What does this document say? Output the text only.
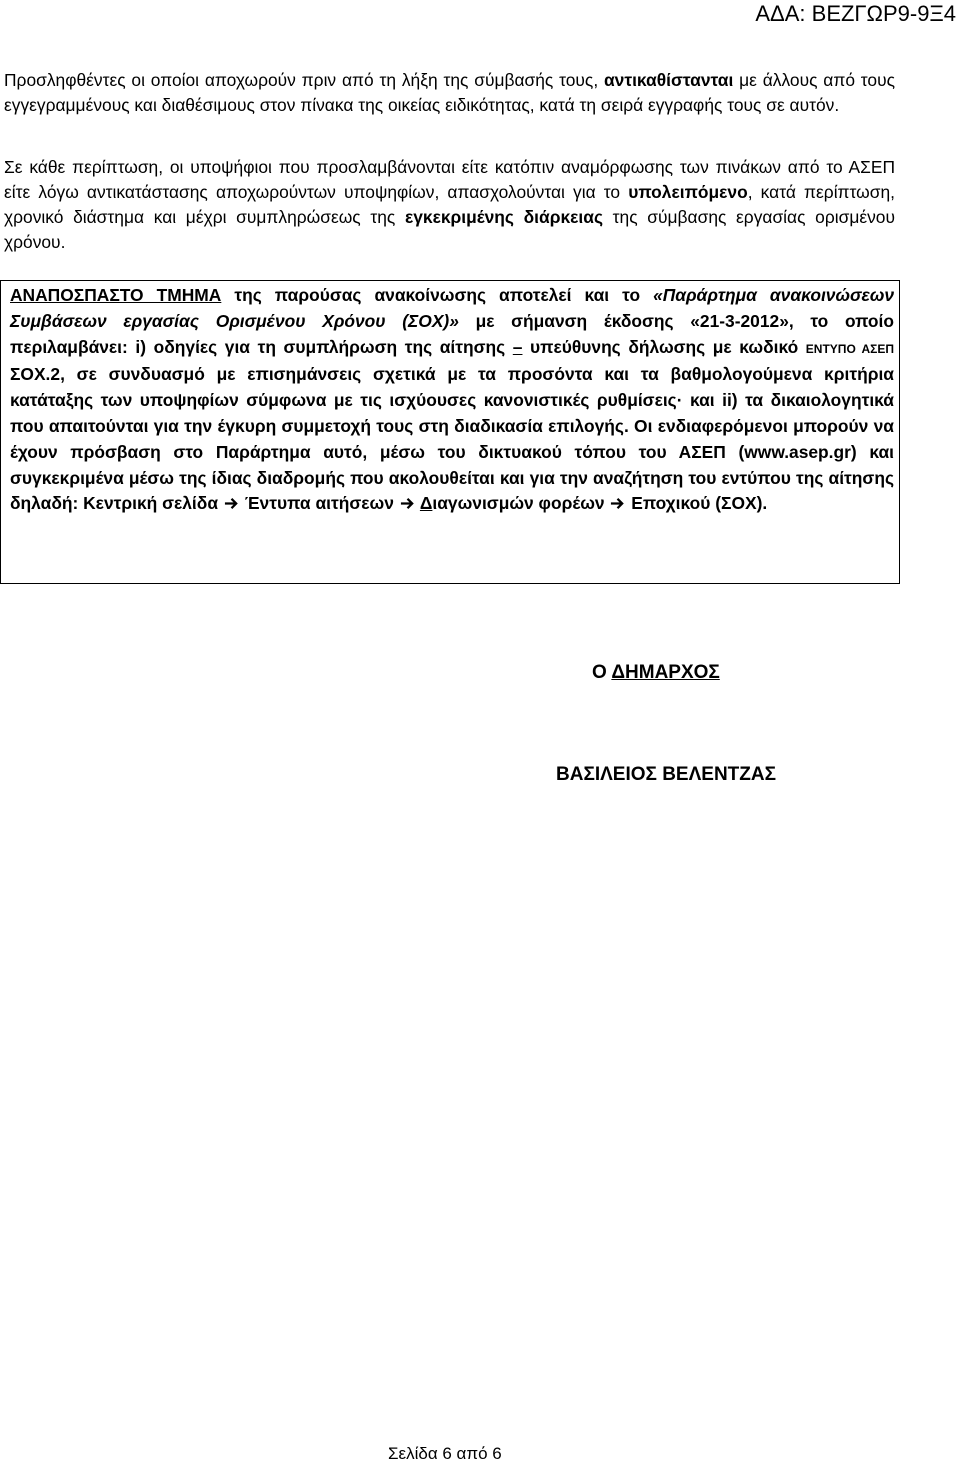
ΑΔΑ: ΒΕΖΓΩΡ9-9Ξ4
Προσληφθέντες οι οποίοι αποχωρούν πριν από τη λήξη της σύμβασής τους, αντικαθίστανται με άλλους από τους εγγεγραμμένους και διαθέσιμους στον πίνακα της οικείας ειδικότητας, κατά τη σειρά εγγραφής τους σε αυτόν.
Σε κάθε περίπτωση, οι υποψήφιοι που προσλαμβάνονται είτε κατόπιν αναμόρφωσης των πινάκων από το ΑΣΕΠ είτε λόγω αντικατάστασης αποχωρούντων υποψηφίων, απασχολούνται για το υπολειπόμενο, κατά περίπτωση, χρονικό διάστημα και μέχρι συμπληρώσεως της εγκεκριμένης διάρκειας της σύμβασης εργασίας ορισμένου χρόνου.
ΑΝΑΠΟΣΠΑΣΤΟ ΤΜΗΜΑ της παρούσας ανακοίνωσης αποτελεί και το «Παράρτημα ανακοινώσεων Συμβάσεων εργασίας Ορισμένου Χρόνου (ΣΟΧ)» με σήμανση έκδοσης «21-3-2012», το οποίο περιλαμβάνει: i) οδηγίες για τη συμπλήρωση της αίτησης – υπεύθυνης δήλωσης με κωδικό ΕΝΤΥΠΟ ΑΣΕΠ ΣΟΧ.2, σε συνδυασμό με επισημάνσεις σχετικά με τα προσόντα και τα βαθμολογούμενα κριτήρια κατάταξης των υποψηφίων σύμφωνα με τις ισχύουσες κανονιστικές ρυθμίσεις· και ii) τα δικαιολογητικά που απαιτούνται για την έγκυρη συμμετοχή τους στη διαδικασία επιλογής. Οι ενδιαφερόμενοι μπορούν να έχουν πρόσβαση στο Παράρτημα αυτό, μέσω του δικτυακού τόπου του ΑΣΕΠ (www.asep.gr) και συγκεκριμένα μέσω της ίδιας διαδρομής που ακολουθείται και για την αναζήτηση του εντύπου της αίτησης δηλαδή: Κεντρική σελίδα Έντυπα αιτήσεων Διαγωνισμών φορέων Εποχικού (ΣΟΧ).
Ο ΔΗΜΑΡΧΟΣ
ΒΑΣΙΛΕΙΟΣ ΒΕΛΕΝΤΖΑΣ
Σελίδα 6 από 6
